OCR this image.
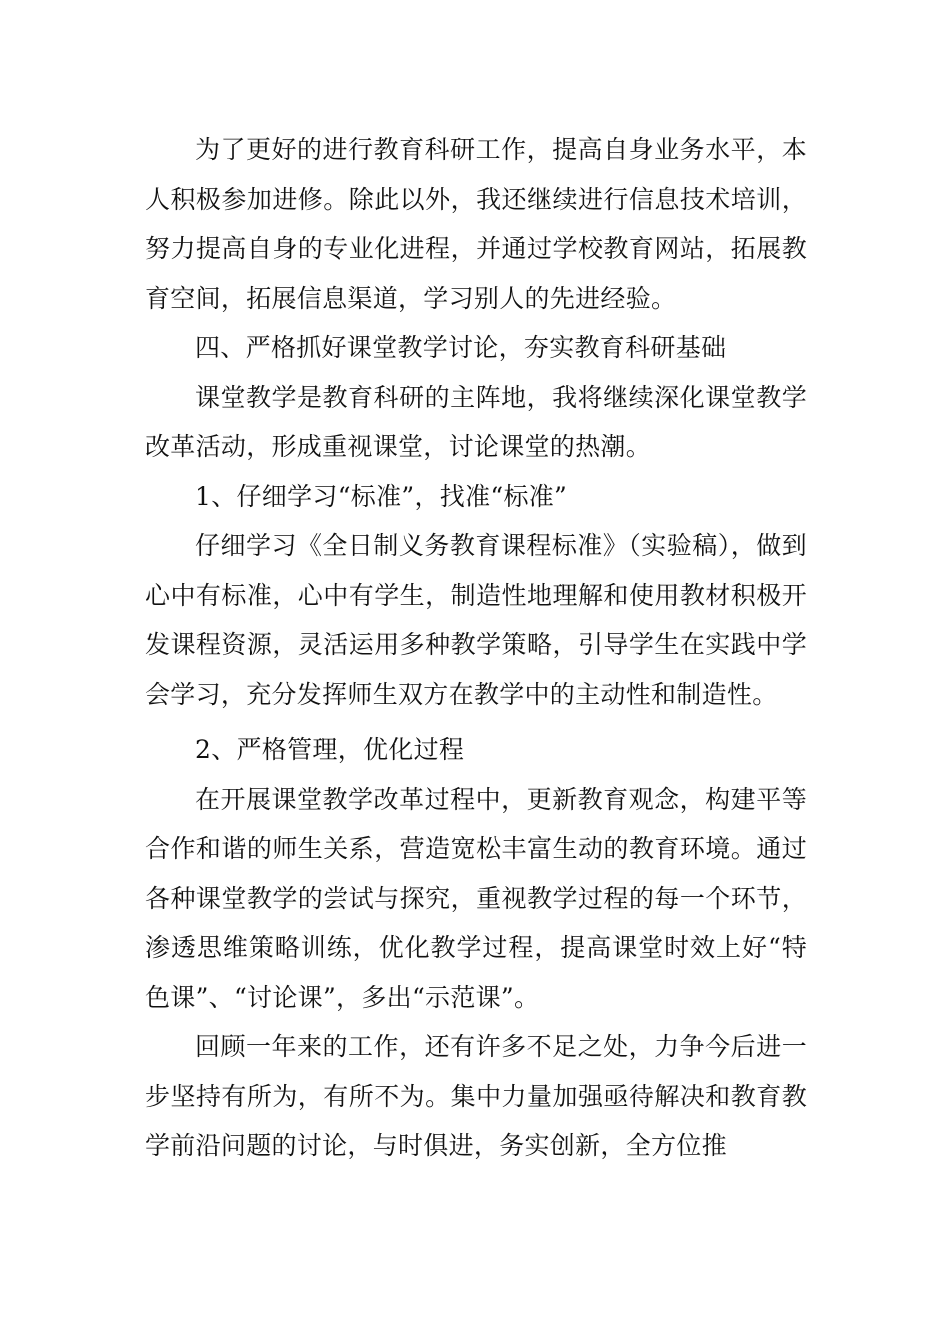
为了更好的进行教育科研工作，提高自身业务水平，本人积极参加进修。除此以外，我还继续进行信息技术培训，努力提高自身的专业化进程，并通过学校教育网站，拓展教育空间，拓展信息渠道，学习别人的先进经验。

四、严格抓好课堂教学讨论，夯实教育科研基础

课堂教学是教育科研的主阵地，我将继续深化课堂教学改革活动，形成重视课堂，讨论课堂的热潮。

1、仔细学习“标准”，找准“标准”

仔细学习《全日制义务教育课程标准》（实验稿），做到心中有标准，心中有学生，制造性地理解和使用教材积极开发课程资源，灵活运用多种教学策略，引导学生在实践中学会学习，充分发挥师生双方在教学中的主动性和制造性。

2、严格管理，优化过程

在开展课堂教学改革过程中，更新教育观念，构建平等合作和谐的师生关系，营造宽松丰富生动的教育环境。通过各种课堂教学的尝试与探究，重视教学过程的每一个环节，渗透思维策略训练，优化教学过程，提高课堂时效上好“特色课”、“讨论课”，多出“示范课”。

回顾一年来的工作，还有许多不足之处，力争今后进一步坚持有所为，有所不为。集中力量加强亟待解决和教育教学前沿问题的讨论，与时俱进，务实创新，全方位推
